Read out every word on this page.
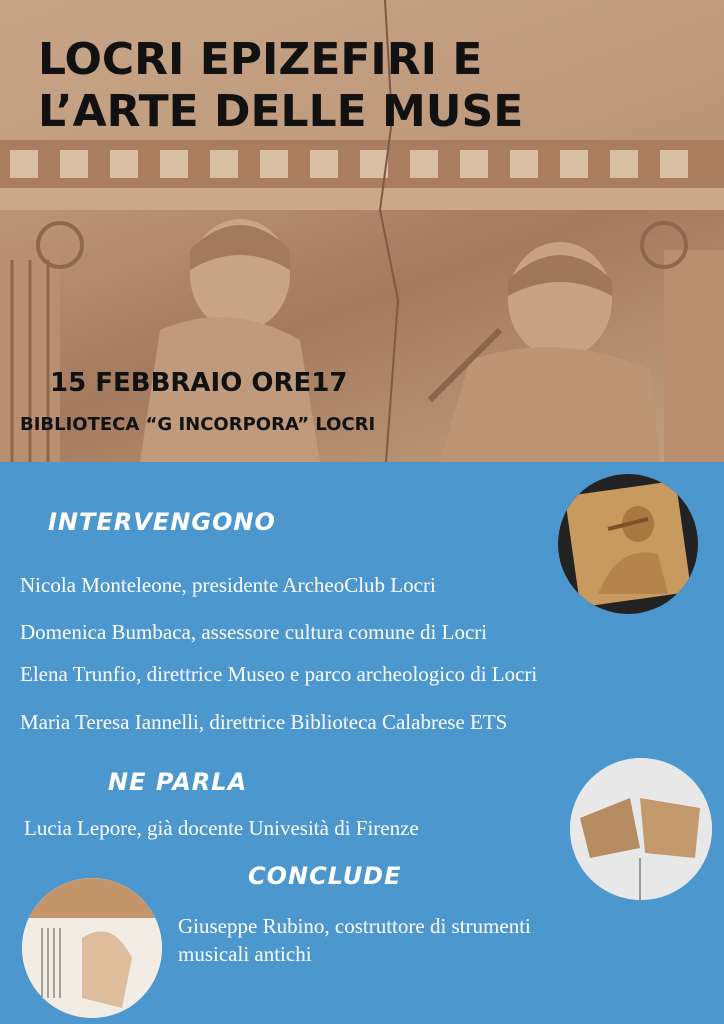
LOCRI EPIZEFIRI E
L’ARTE DELLE MUSE
15 FEBBRAIO ORE17
BIBLIOTECA “G INCORPORA” LOCRI
INTERVENGONO
Nicola Monteleone, presidente ArcheoClub Locri
Domenica Bumbaca, assessore cultura comune di Locri
Elena Trunfio, direttrice Museo e parco archeologico di Locri
Maria Teresa Iannelli, direttrice Biblioteca Calabrese ETS
NE PARLA
Lucia Lepore, già docente Univesità di Firenze
CONCLUDE
Giuseppe Rubino, costruttore di strumenti
musicali antichi
